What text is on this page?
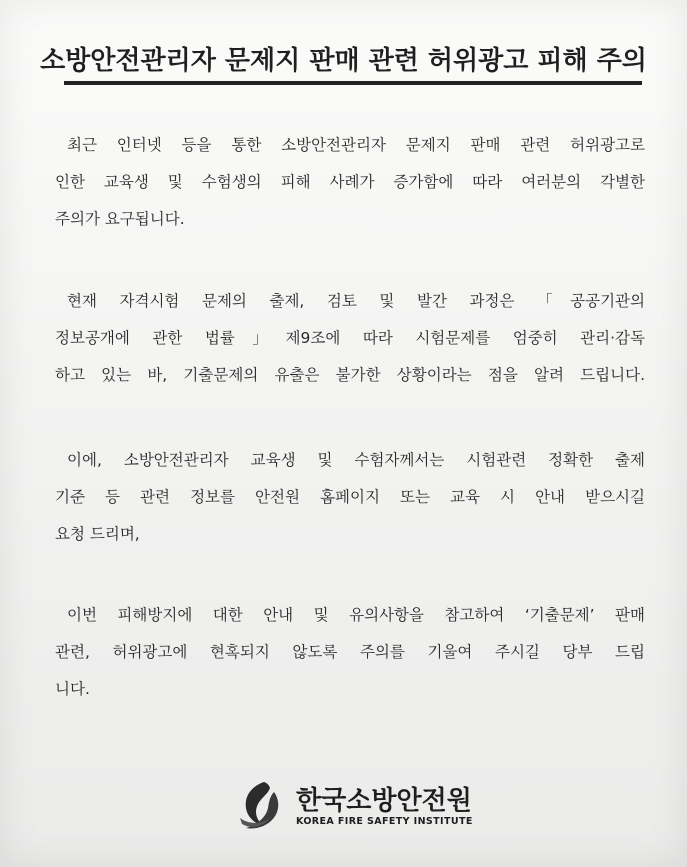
소방안전관리자 문제지 판매 관련 허위광고 피해 주의
최근 인터넷 등을 통한 소방안전관리자 문제지 판매 관련 허위광고로
인한 교육생 및 수험생의 피해 사례가 증가함에 따라 여러분의 각별한
주의가 요구됩니다.
현재 자격시험 문제의 출제, 검토 및 발간 과정은 「공공기관의
정보공개에 관한 법률」제9조에 따라 시험문제를 엄중히 관리·감독
하고 있는 바, 기출문제의 유출은 불가한 상황이라는 점을 알려 드립니다.
이에, 소방안전관리자 교육생 및 수험자께서는 시험관련 정확한 출제
기준 등 관련 정보를 안전원 홈페이지 또는 교육 시 안내 받으시길
요청 드리며,
이번 피해방지에 대한 안내 및 유의사항을 참고하여 ‘기출문제’ 판매
관련, 허위광고에 현혹되지 않도록 주의를 기울여 주시길 당부 드립
니다.
한국소방안전원
KOREA FIRE SAFETY INSTITUTE
